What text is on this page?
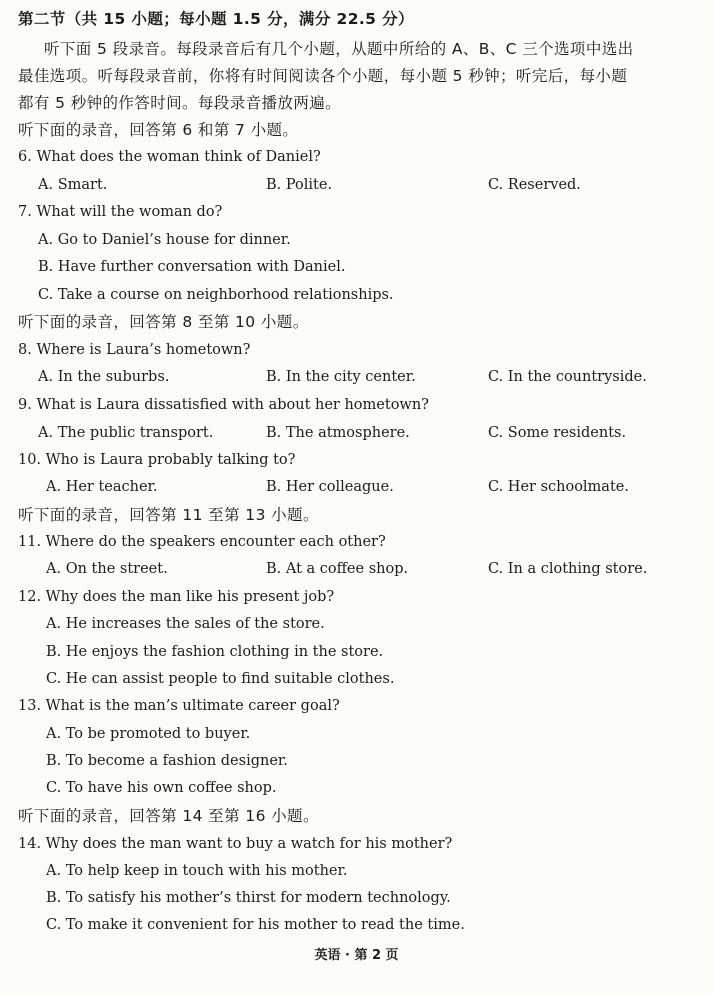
第二节（共 15 小题；每小题 1.5 分，满分 22.5 分）
听下面 5 段录音。每段录音后有几个小题，从题中所给的 A、B、C 三个选项中选出
最佳选项。听每段录音前，你将有时间阅读各个小题，每小题 5 秒钟；听完后，每小题
都有 5 秒钟的作答时间。每段录音播放两遍。
听下面的录音，回答第 6 和第 7 小题。
6. What does the woman think of Daniel?
A. Smart.	B. Polite.	C. Reserved.
7. What will the woman do?
A. Go to Daniel’s house for dinner.
B. Have further conversation with Daniel.
C. Take a course on neighborhood relationships.
听下面的录音，回答第 8 至第 10 小题。
8. Where is Laura’s hometown?
A. In the suburbs.	B. In the city center.	C. In the countryside.
9. What is Laura dissatisfied with about her hometown?
A. The public transport.	B. The atmosphere.	C. Some residents.
10. Who is Laura probably talking to?
A. Her teacher.	B. Her colleague.	C. Her schoolmate.
听下面的录音，回答第 11 至第 13 小题。
11. Where do the speakers encounter each other?
A. On the street.	B. At a coffee shop.	C. In a clothing store.
12. Why does the man like his present job?
A. He increases the sales of the store.
B. He enjoys the fashion clothing in the store.
C. He can assist people to find suitable clothes.
13. What is the man’s ultimate career goal?
A. To be promoted to buyer.
B. To become a fashion designer.
C. To have his own coffee shop.
听下面的录音，回答第 14 至第 16 小题。
14. Why does the man want to buy a watch for his mother?
A. To help keep in touch with his mother.
B. To satisfy his mother’s thirst for modern technology.
C. To make it convenient for his mother to read the time.
英语 · 第 2 页
